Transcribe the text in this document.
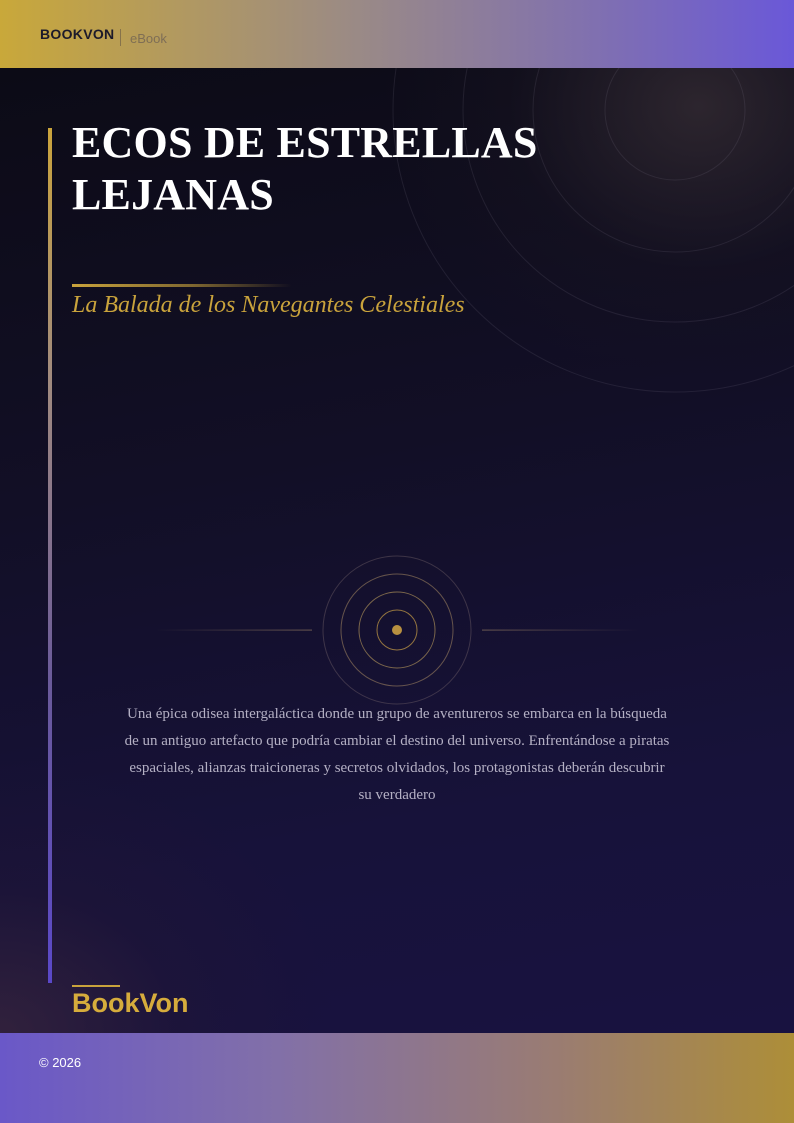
BOOKVON eBook
ECOS DE ESTRELLAS LEJANAS
La Balada de los Navegantes Celestiales

Una épica odisea intergaláctica donde un grupo de aventureros se embarca en la búsqueda de un antiguo artefacto que podría cambiar el destino del universo. Enfrentándose a piratas espaciales, alianzas traicioneras y secretos olvidados, los protagonistas deberán descubrir su verdadero

BookVon
© 2026
